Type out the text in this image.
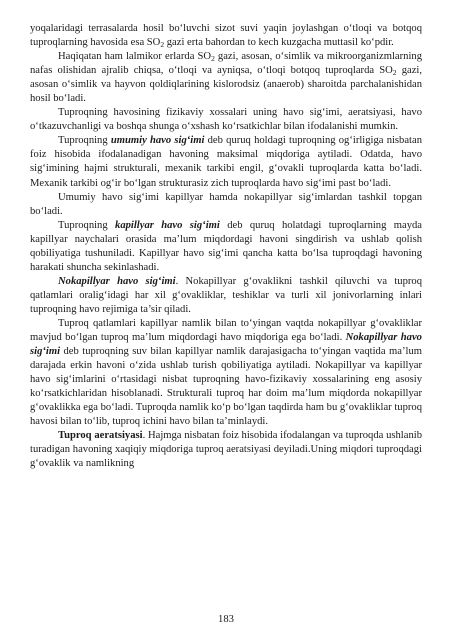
yoqalaridagi terrasalarda hosil bo‘luvchi sizot suvi yaqin joylashgan o‘tloqi va botqoq tuproqlarning havosida esa $SO_2$ gazi erta bahordan to kech kuzgacha muttasil ko‘pdir.

Haqiqatan ham lalmikor erlarda $SO_2$ gazi, asosan, o‘simlik va mikroorganizmlarning nafas olishidan ajralib chiqsa, o‘tloqi va ayniqsa, o‘tloqi botqoq tuproqlarda $SO_2$ gazi, asosan o‘simlik va hayvon qoldiqlarining kislorodsiz (anaerob) sharoitda parchalanishidan hosil bo‘ladi.

Tuproqning havosining fizikaviy xossalari uning havo sig‘imi, aeratsiyasi, havo o‘tkazuvchanligi va boshqa shunga o‘xshash ko‘rsatkichlar bilan ifodalanishi mumkin.

Tuproqning umumiy havo sig‘imi deb quruq holdagi tuproqning og‘irligiga nisbatan foiz hisobida ifodalanadigan havoning maksimal miqdoriga aytiladi. Odatda, havo sig‘imining hajmi strukturali, mexanik tarkibi engil, g‘ovakli tuproqlarda katta bo‘ladi. Mexanik tarkibi og‘ir bo‘lgan strukturasiz zich tuproqlarda havo sig‘imi past bo‘ladi.

Umumiy havo sig‘imi kapillyar hamda nokapillyar sig‘imlardan tashkil topgan bo‘ladi.

Tuproqning kapillyar havo sig‘imi deb quruq holatdagi tuproqlarning mayda kapillyar naychalari orasida ma’lum miqdordagi havoni singdirish va ushlab qolish qobiliyatiga tushuniladi. Kapillyar havo sig‘imi qancha katta bo‘lsa tuproqdagi havoning harakati shuncha sekinlashadi.

Nokapillyar havo sig‘imi. Nokapillyar g‘ovaklikni tashkil qiluvchi va tuproq qatlamlari oralig‘idagi har xil g‘ovakliklar, teshiklar va turli xil jonivorlarning inlari tuproqning havo rejimiga ta’sir qiladi.

Tuproq qatlamlari kapillyar namlik bilan to‘yingan vaqtda nokapillyar g‘ovakliklar mavjud bo‘lgan tuproq ma’lum miqdordagi havo miqdoriga ega bo‘ladi. Nokapillyar havo sig‘imi deb tuproqning suv bilan kapillyar namlik darajasigacha to‘yingan vaqtida ma’lum darajada erkin havoni o‘zida ushlab turish qobiliyatiga aytiladi. Nokapillyar va kapillyar havo sig‘imlarini o‘rtasidagi nisbat tuproqning havo-fizikaviy xossalarining eng asosiy ko‘rsatkichlaridan hisoblanadi. Strukturali tuproq har doim ma’lum miqdorda nokapillyar g‘ovaklikka ega bo‘ladi. Tuproqda namlik ko‘p bo‘lgan taqdirda ham bu g‘ovakliklar tuproq havosi bilan to‘lib, tuproq ichini havo bilan ta’minlaydi.

Tuproq aeratsiyasi. Hajmga nisbatan foiz hisobida ifodalangan va tuproqda ushlanib turadigan havoning xaqiqiy miqdoriga tuproq aeratsiyasi deyiladi.Uning miqdori tuproqdagi g‘ovaklik va namlikning

183
